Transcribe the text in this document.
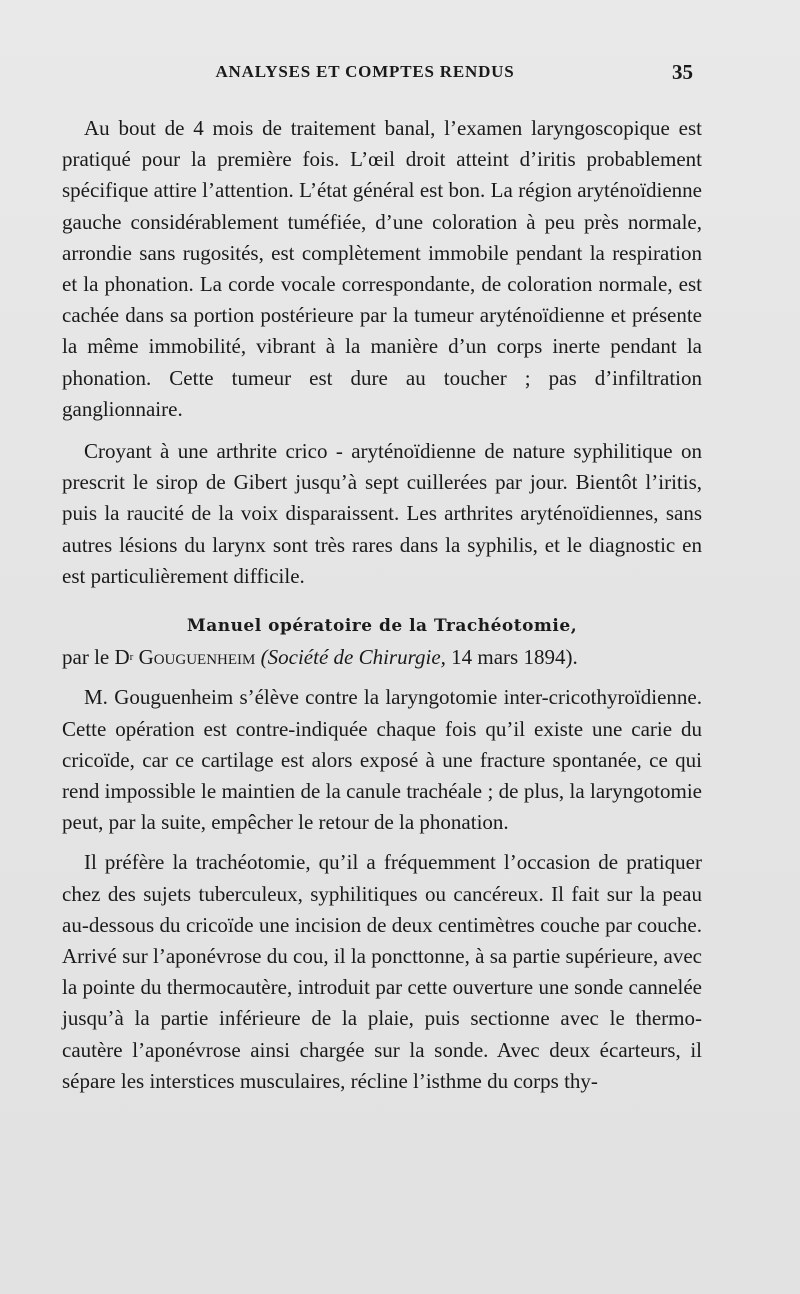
ANALYSES ET COMPTES RENDUS	35

Au bout de 4 mois de traitement banal, l’examen laryngoscopique est pratiqué pour la première fois. L’œil droit atteint d’iritis probablement spécifique attire l’attention. L’état général est bon. La région aryténoïdienne gauche considérablement tuméfiée, d’une coloration à peu près normale, arrondie sans rugosités, est complètement immobile pendant la respiration et la phonation. La corde vocale correspondante, de coloration normale, est cachée dans sa portion postérieure par la tumeur aryténoïdienne et présente la même immobilité, vibrant à la manière d’un corps inerte pendant la phonation. Cette tumeur est dure au toucher ; pas d’infiltration ganglionnaire.

Croyant à une arthrite crico - aryténoïdienne de nature syphilitique on prescrit le sirop de Gibert jusqu’à sept cuillerées par jour. Bientôt l’iritis, puis la raucité de la voix disparaissent. Les arthrites aryténoïdiennes, sans autres lésions du larynx sont très rares dans la syphilis, et le diagnostic en est particulièrement difficile.

Manuel opératoire de la Trachéotomie,

par le $D^r$ Gouguenheim (Société de Chirurgie, 14 mars 1894).

M. Gouguenheim s’élève contre la laryngotomie inter-cricothyroïdienne. Cette opération est contre-indiquée chaque fois qu’il existe une carie du cricoïde, car ce cartilage est alors exposé à une fracture spontanée, ce qui rend impossible le maintien de la canule trachéale ; de plus, la laryngotomie peut, par la suite, empêcher le retour de la phonation.

Il préfère la trachéotomie, qu’il a fréquemment l’occasion de pratiquer chez des sujets tuberculeux, syphilitiques ou cancéreux. Il fait sur la peau au-dessous du cricoïde une incision de deux centimètres couche par couche. Arrivé sur l’aponévrose du cou, il la poncttonne, à sa partie supérieure, avec la pointe du thermocautère, introduit par cette ouverture une sonde cannelée jusqu’à la partie inférieure de la plaie, puis sectionne avec le thermo-cautère l’aponévrose ainsi chargée sur la sonde. Avec deux écarteurs, il sépare les interstices musculaires, récline l’isthme du corps thy-
